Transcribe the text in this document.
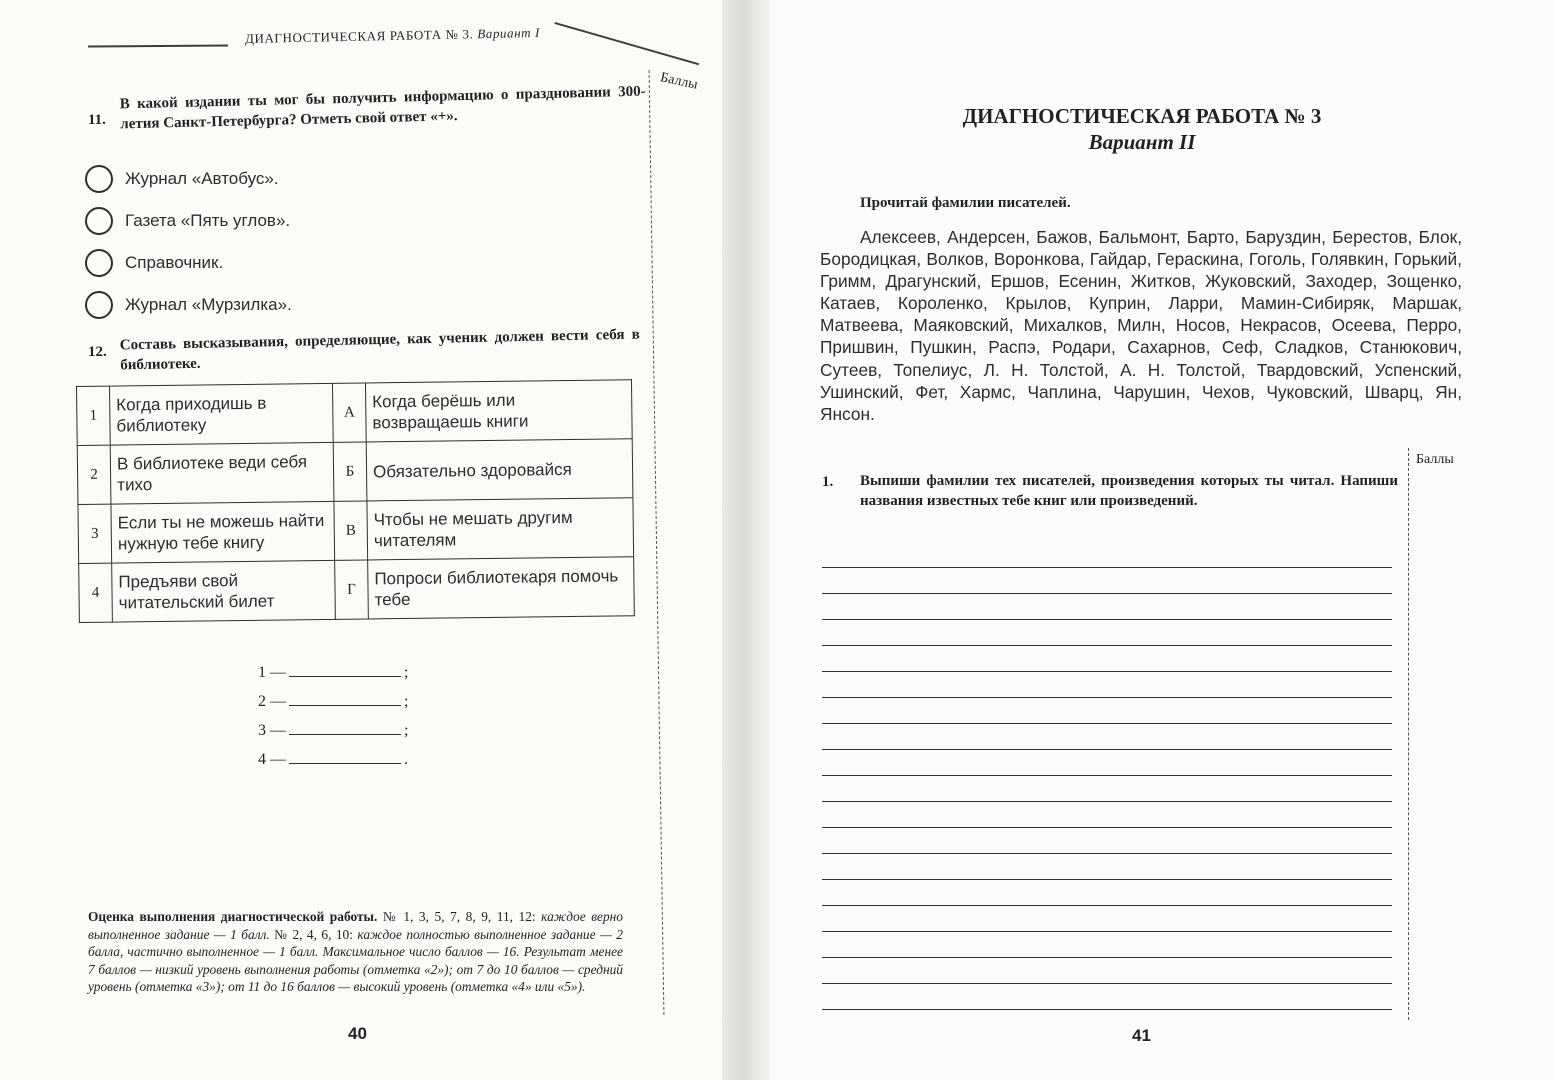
ДИАГНОСТИЧЕСКАЯ РАБОТА № 3. Вариант I
Баллы
11.
В какой издании ты мог бы получить информацию о праздновании 300-летия Санкт-Петербурга? Отметь свой ответ «+».
Журнал «Автобус».
Газета «Пять углов».
Справочник.
Журнал «Мурзилка».
12. Составь высказывания, определяющие, как ученик должен вести себя в библиотеке.
1	Когда приходишь в библиотеку	А	Когда берёшь или возвращаешь книги
2	В библиотеке веди себя тихо	Б	Обязательно здоровайся
3	Если ты не можешь найти нужную тебе книгу	В	Чтобы не мешать другим читателям
4	Предъяви свой читательский билет	Г	Попроси библиотекаря помочь тебе
1 —	;
2 —	;
3 —	;
4 —	.
Оценка выполнения диагностической работы. № 1, 3, 5, 7, 8, 9, 11, 12: каждое верно выполненное задание — 1 балл. № 2, 4, 6, 10: каждое полностью выполненное задание — 2 балла, частично выполненное — 1 балл. Максимальное число баллов — 16. Результат менее 7 баллов — низкий уровень выполнения работы (отметка «2»); от 7 до 10 баллов — средний уровень (отметка «3»); от 11 до 16 баллов — высокий уровень (отметка «4» или «5»).
40
ДИАГНОСТИЧЕСКАЯ РАБОТА № 3
Вариант II
Прочитай фамилии писателей.
Алексеев, Андерсен, Бажов, Бальмонт, Барто, Баруздин, Берестов, Блок, Бородицкая, Волков, Воронкова, Гайдар, Гераскина, Гоголь, Голявкин, Горький, Гримм, Драгунский, Ершов, Есенин, Житков, Жуковский, Заходер, Зощенко, Катаев, Короленко, Крылов, Куприн, Ларри, Мамин-Сибиряк, Маршак, Матвеева, Маяковский, Михалков, Милн, Носов, Некрасов, Осеева, Перро, Пришвин, Пушкин, Распэ, Родари, Сахарнов, Сеф, Сладков, Станюкович, Сутеев, Топелиус, Л. Н. Толстой, А. Н. Толстой, Твардовский, Успенский, Ушинский, Фет, Хармс, Чаплина, Чарушин, Чехов, Чуковский, Шварц, Ян, Янсон.
Баллы
1. Выпиши фамилии тех писателей, произведения которых ты читал. Напиши названия известных тебе книг или произведений.
41
